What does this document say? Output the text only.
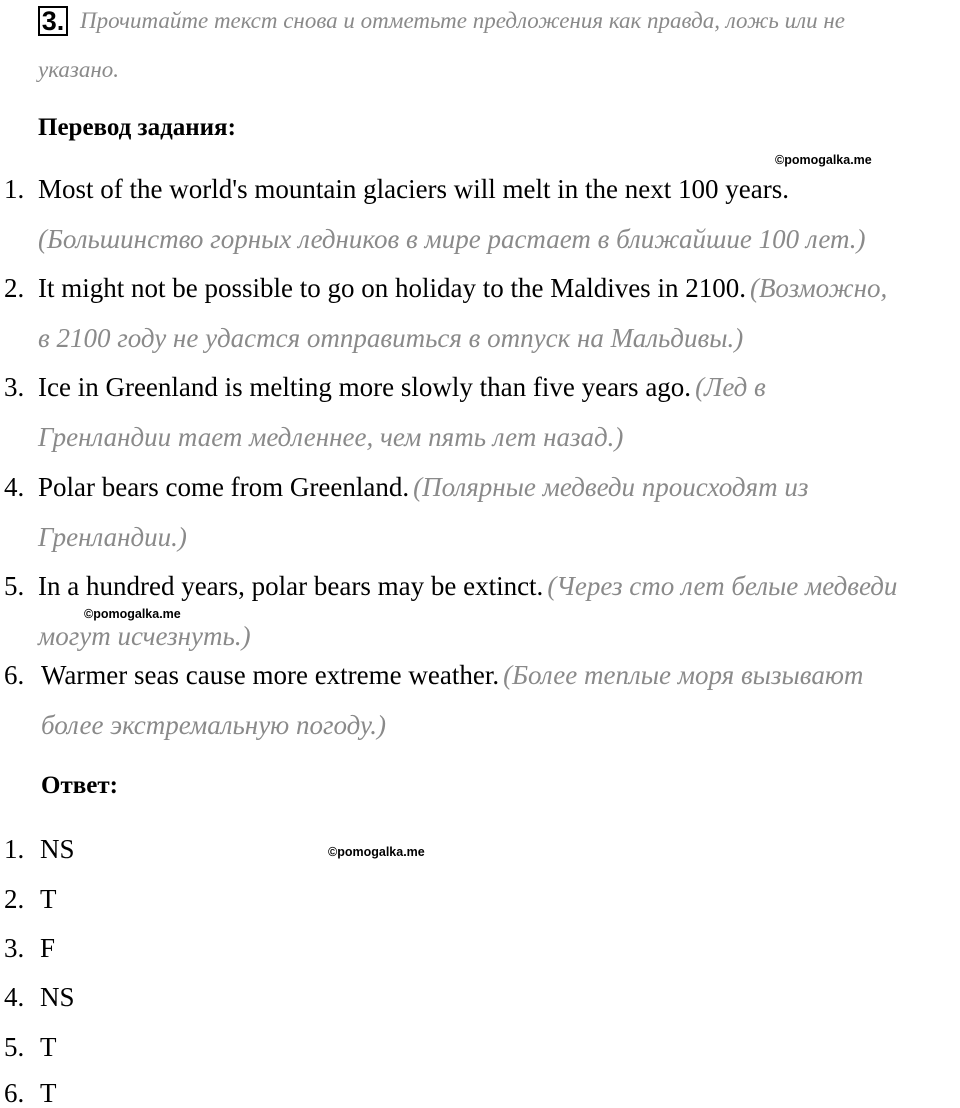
3. Прочитайте текст снова и отметьте предложения как правда, ложь или не
указано.
Перевод задания:
©pomogalka.me
1. Most of the world's mountain glaciers will melt in the next 100 years.
(Большинство горных ледников в мире растает в ближайшие 100 лет.)
2. It might not be possible to go on holiday to the Maldives in 2100. (Возможно,
в 2100 году не удастся отправиться в отпуск на Мальдивы.)
3. Ice in Greenland is melting more slowly than five years ago. (Лед в
Гренландии тает медленнее, чем пять лет назад.)
4. Polar bears come from Greenland. (Полярные медведи происходят из
Гренландии.)
5. In a hundred years, polar bears may be extinct. (Через сто лет белые медведи
©pomogalka.me
могут исчезнуть.)
6. Warmer seas cause more extreme weather. (Более теплые моря вызывают
более экстремальную погоду.)
Ответ:
©pomogalka.me
1. NS
2. T
3. F
4. NS
5. T
6. T
